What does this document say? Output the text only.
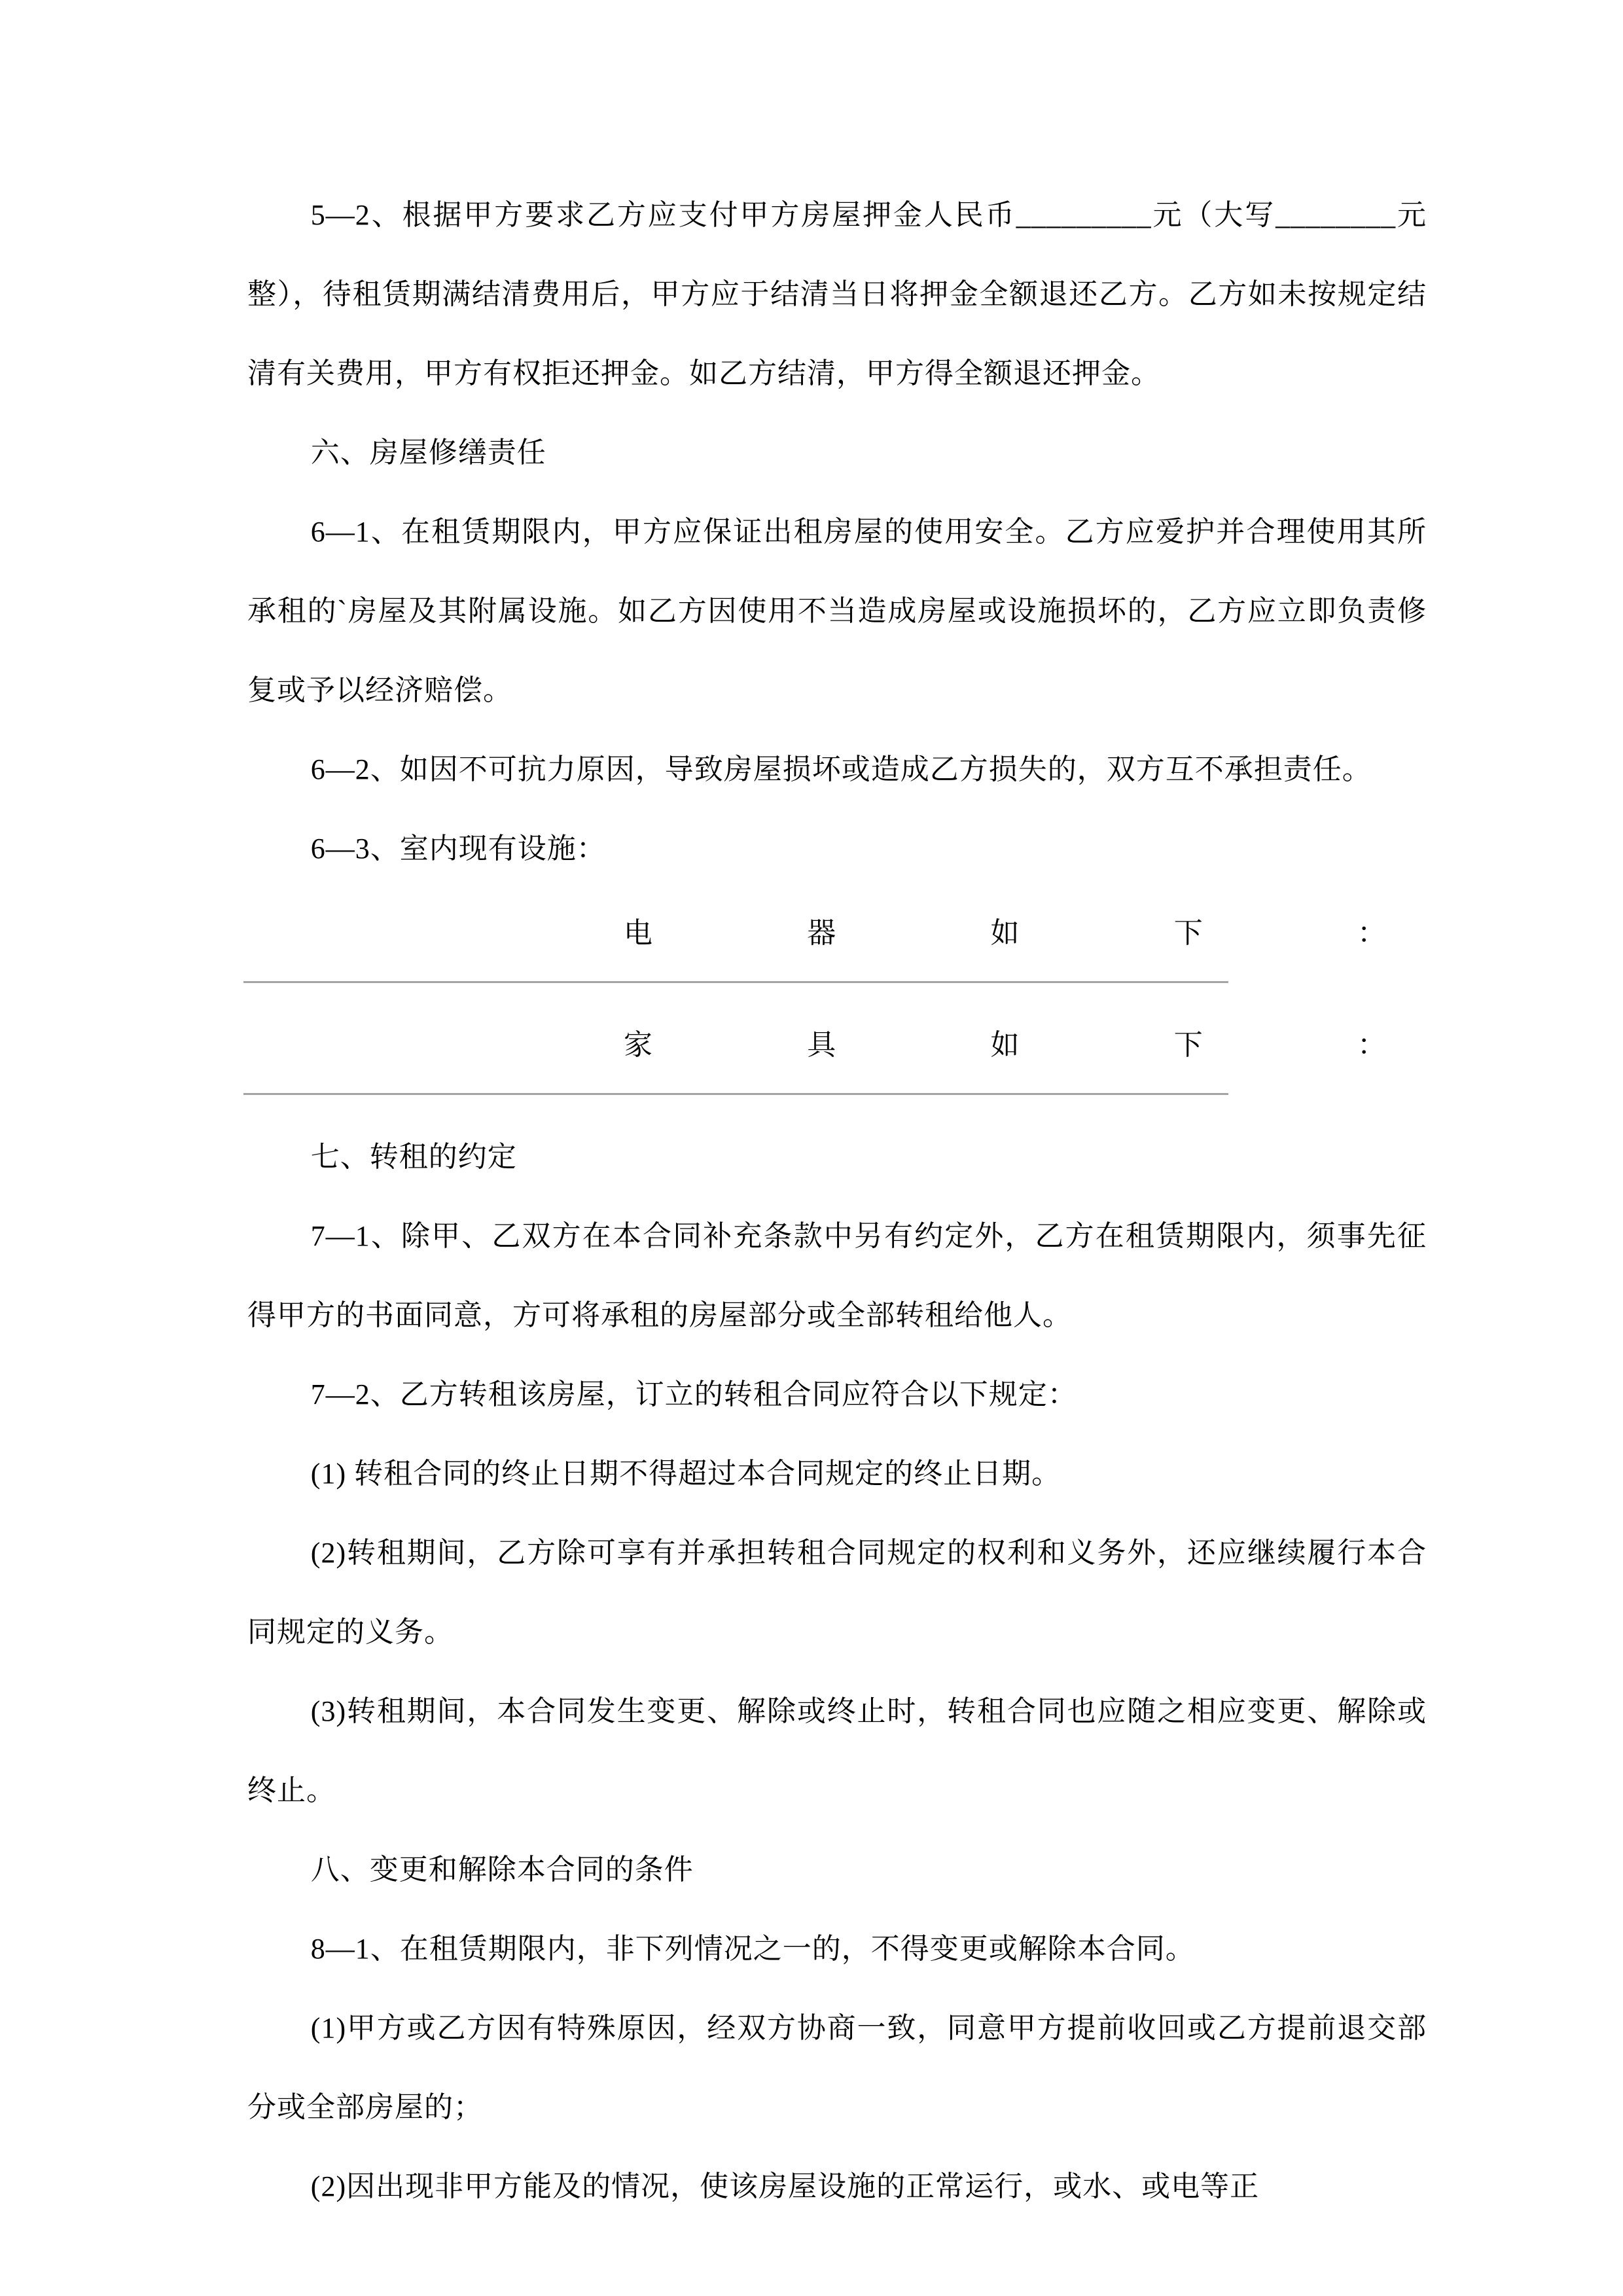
5—2、根据甲方要求乙方应支付甲方房屋押金人民币_________元（大写________元整），待租赁期满结清费用后，甲方应于结清当日将押金全额退还乙方。乙方如未按规定结清有关费用，甲方有权拒还押金。如乙方结清，甲方得全额退还押金。

六、房屋修缮责任

6—1、在租赁期限内，甲方应保证出租房屋的使用安全。乙方应爱护并合理使用其所承租的`房屋及其附属设施。如乙方因使用不当造成房屋或设施损坏的，乙方应立即负责修复或予以经济赔偿。

6—2、如因不可抗力原因，导致房屋损坏或造成乙方损失的，双方互不承担责任。

6—3、室内现有设施：

电	器	如	下	：
家	具	如	下	：

七、转租的约定

7—1、除甲、乙双方在本合同补充条款中另有约定外，乙方在租赁期限内，须事先征得甲方的书面同意，方可将承租的房屋部分或全部转租给他人。

7—2、乙方转租该房屋，订立的转租合同应符合以下规定：

(1) 转租合同的终止日期不得超过本合同规定的终止日期。

(2)转租期间，乙方除可享有并承担转租合同规定的权利和义务外，还应继续履行本合同规定的义务。

(3)转租期间，本合同发生变更、解除或终止时，转租合同也应随之相应变更、解除或终止。

八、变更和解除本合同的条件

8—1、在租赁期限内，非下列情况之一的，不得变更或解除本合同。

(1)甲方或乙方因有特殊原因，经双方协商一致，同意甲方提前收回或乙方提前退交部分或全部房屋的；

(2)因出现非甲方能及的情况，使该房屋设施的正常运行，或水、或电等正
